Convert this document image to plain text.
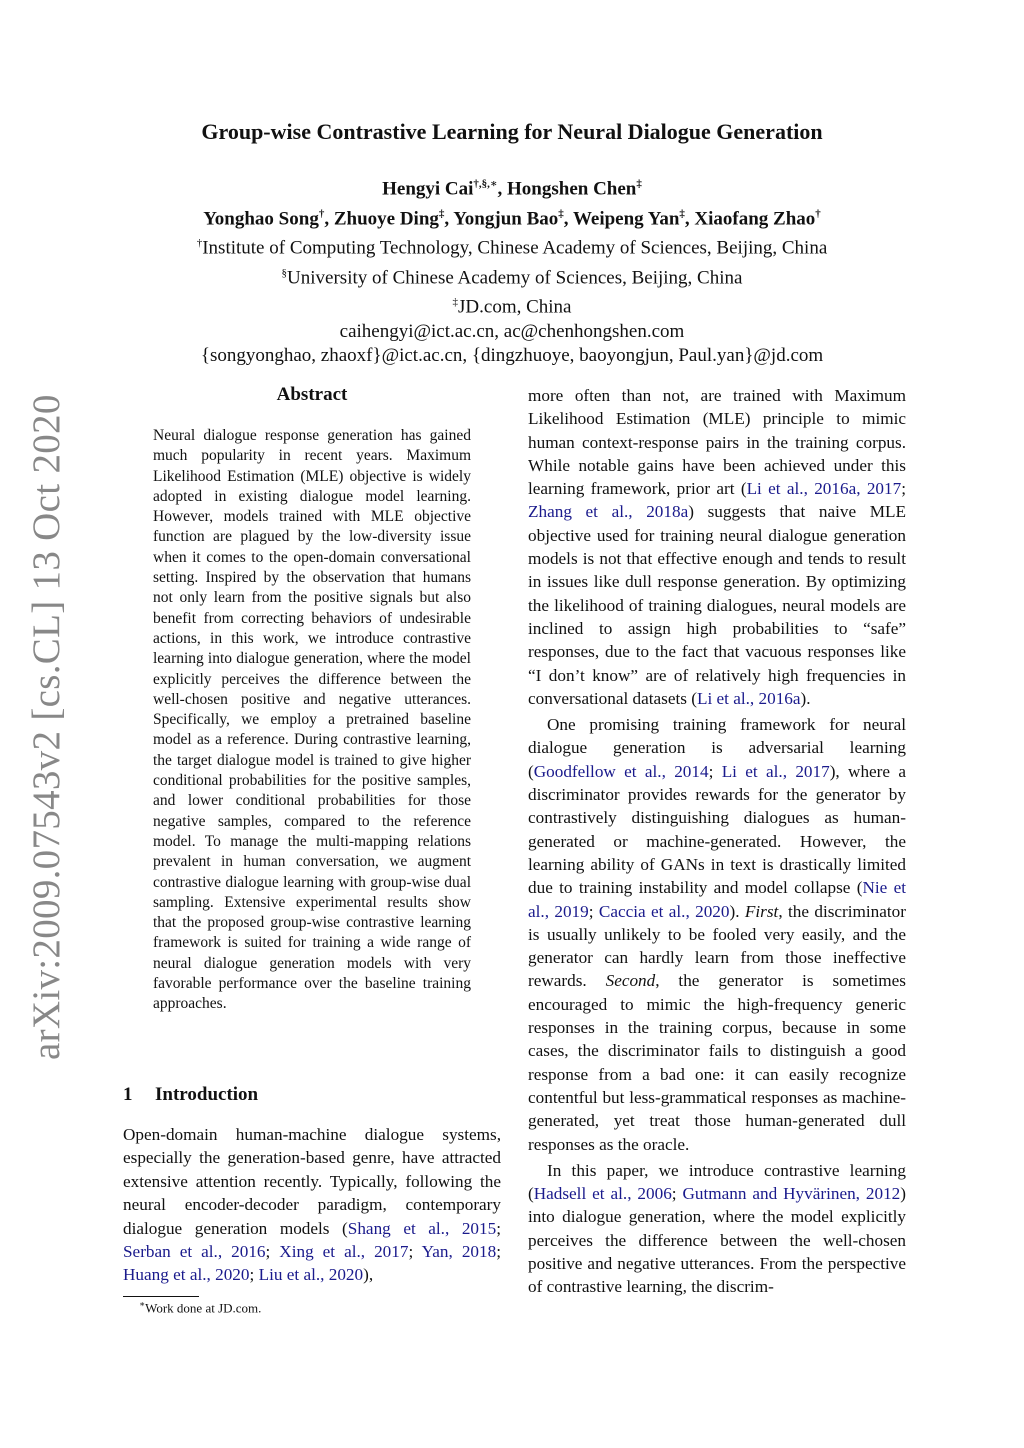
Group-wise Contrastive Learning for Neural Dialogue Generation
Hengyi Cai†,§,∗, Hongshen Chen‡
Yonghao Song†, Zhuoye Ding‡, Yongjun Bao‡, Weipeng Yan‡, Xiaofang Zhao†
†Institute of Computing Technology, Chinese Academy of Sciences, Beijing, China
§University of Chinese Academy of Sciences, Beijing, China
‡JD.com, China
caihengyi@ict.ac.cn, ac@chenhongshen.com
{songyonghao, zhaoxf}@ict.ac.cn, {dingzhuoye, baoyongjun, Paul.yan}@jd.com
arXiv:2009.07543v2 [cs.CL] 13 Oct 2020	Abstract
Neural dialogue response generation has gained much popularity in recent years. Maximum Likelihood Estimation (MLE) objective is widely adopted in existing dialogue model learning. However, models trained with MLE objective function are plagued by the low-diversity issue when it comes to the open-domain conversational setting. Inspired by the observation that humans not only learn from the positive signals but also benefit from correcting behaviors of undesirable actions, in this work, we introduce contrastive learning into dialogue generation, where the model explicitly perceives the difference between the well-chosen positive and negative utterances. Specifically, we employ a pretrained baseline model as a reference. During contrastive learning, the target dialogue model is trained to give higher conditional probabilities for the positive samples, and lower conditional probabilities for those negative samples, compared to the reference model. To manage the multi-mapping relations prevalent in human conversation, we augment contrastive dialogue learning with group-wise dual sampling. Extensive experimental results show that the proposed group-wise contrastive learning framework is suited for training a wide range of neural dialogue generation models with very favorable performance over the baseline training approaches.
1 Introduction
Open-domain human-machine dialogue systems, especially the generation-based genre, have attracted extensive attention recently. Typically, following the neural encoder-decoder paradigm, contemporary dialogue generation models (Shang et al., 2015; Serban et al., 2016; Xing et al., 2017; Yan, 2018; Huang et al., 2020; Liu et al., 2020),
∗Work done at JD.com.

more often than not, are trained with Maximum Likelihood Estimation (MLE) principle to mimic human context-response pairs in the training corpus. While notable gains have been achieved under this learning framework, prior art (Li et al., 2016a, 2017; Zhang et al., 2018a) suggests that naive MLE objective used for training neural dialogue generation models is not that effective enough and tends to result in issues like dull response generation. By optimizing the likelihood of training dialogues, neural models are inclined to assign high probabilities to “safe” responses, due to the fact that vacuous responses like “I don’t know” are of relatively high frequencies in conversational datasets (Li et al., 2016a).

One promising training framework for neural dialogue generation is adversarial learning (Goodfellow et al., 2014; Li et al., 2017), where a discriminator provides rewards for the generator by contrastively distinguishing dialogues as human-generated or machine-generated. However, the learning ability of GANs in text is drastically limited due to training instability and model collapse (Nie et al., 2019; Caccia et al., 2020). First, the discriminator is usually unlikely to be fooled very easily, and the generator can hardly learn from those ineffective rewards. Second, the generator is sometimes encouraged to mimic the high-frequency generic responses in the training corpus, because in some cases, the discriminator fails to distinguish a good response from a bad one: it can easily recognize contentful but less-grammatical responses as machine-generated, yet treat those human-generated dull responses as the oracle.

In this paper, we introduce contrastive learning (Hadsell et al., 2006; Gutmann and Hyvärinen, 2012) into dialogue generation, where the model explicitly perceives the difference between the well-chosen positive and negative utterances. From the perspective of contrastive learning, the discrim-
